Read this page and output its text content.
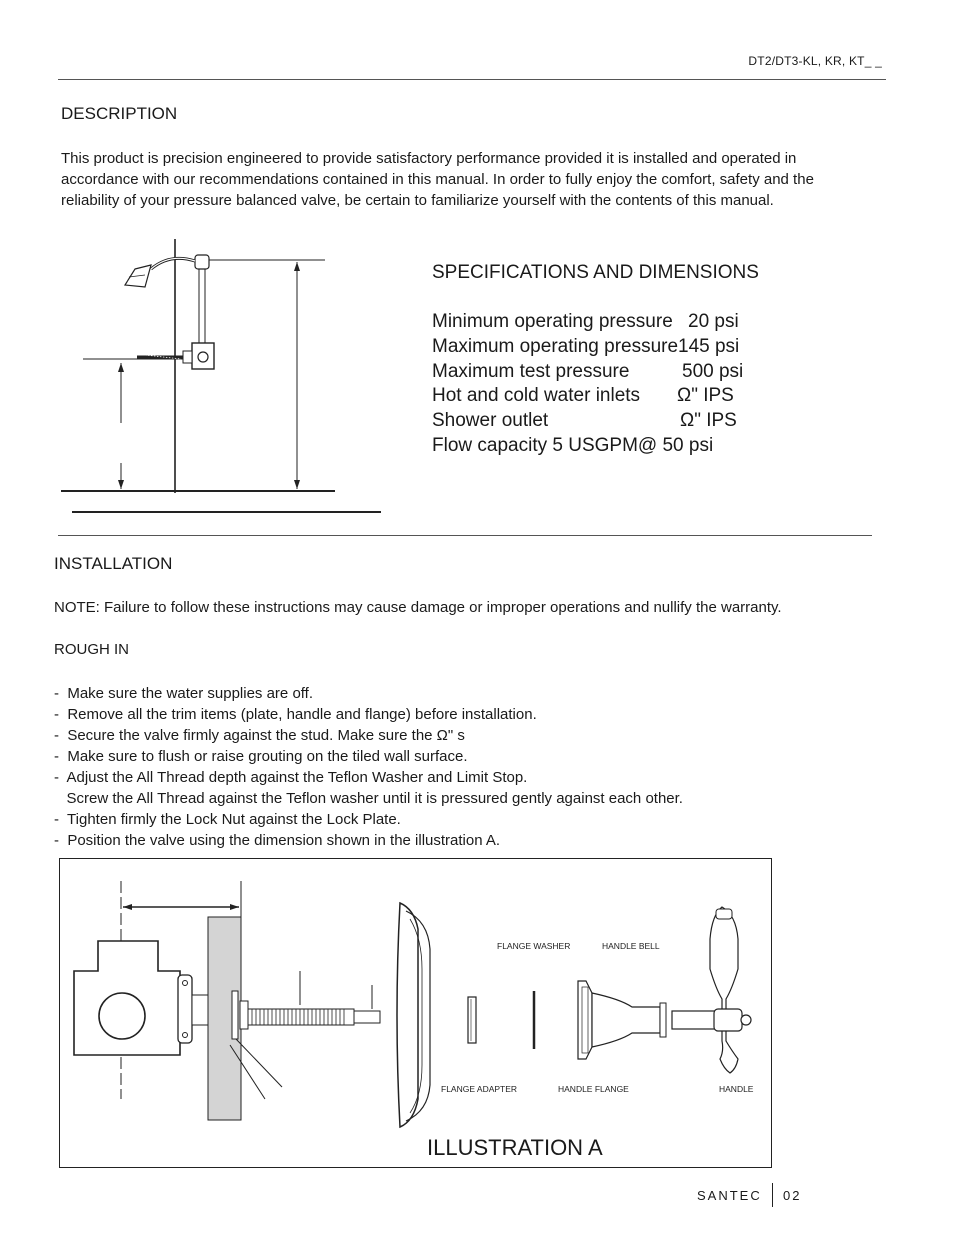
DT2/DT3-KL, KR, KT_ _
DESCRIPTION
This product is precision engineered to provide satisfactory performance provided it is installed and operated in accordance with our recommendations contained in this manual. In order to fully enjoy the comfort, safety and the reliability of your pressure balanced valve, be certain to familiarize yourself with the contents of this manual.
SPECIFICATIONS AND DIMENSIONS
Minimum operating pressure 20 psi
Maximum operating pressure 145 psi
Maximum test pressure	500 psi
Hot and cold water inlets Ω" IPS
Shower outlet	Ω" IPS
Flow capacity 5 USGPM@ 50 psi
INSTALLATION
NOTE: Failure to follow these instructions may cause damage or improper operations and nullify the warranty.
ROUGH IN
-  Make sure the water supplies are off.
-  Remove all the trim items (plate, handle and flange) before installation.
-  Secure the valve firmly against the stud. Make sure the Ω" s
-  Make sure to flush or raise grouting on the tiled wall surface.
-  Adjust the All Thread depth against the Teflon Washer and Limit Stop.
Screw the All Thread against the Teflon washer until it is pressured gently against each other.
-  Tighten firmly the Lock Nut against the Lock Plate.
-  Position the valve using the dimension shown in the illustration A.
FLANGE WASHER	HANDLE BELL
FLANGE ADAPTER	HANDLE FLANGE	HANDLE
ILLUSTRATION A
SANTEC 02
